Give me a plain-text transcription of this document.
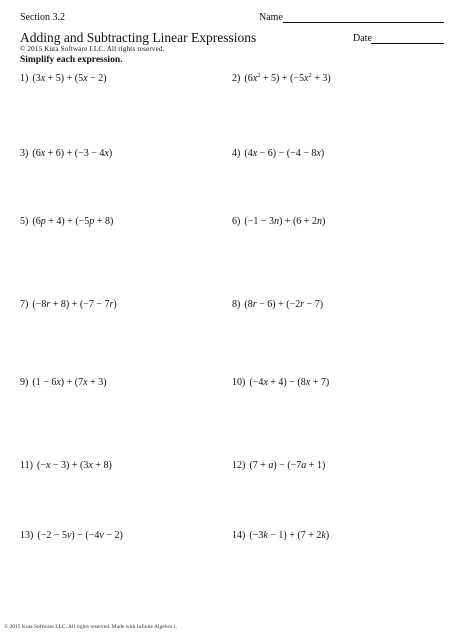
Section 3.2	Name
Adding and Subtracting Linear Expressions	Date
© 2015 Kuta Software LLC. All rights reserved.
Simplify each expression.
1) (3x + 5) + (5x − 2)
3) (6x + 6) + (−3 − 4x)
5) (6p + 4) + (−5p + 8)
7) (−8r + 8) + (−7 − 7r)
9) (1 − 6x) + (7x + 3)
11) (−x − 3) + (3x + 8)
13) (−2 − 5v) − (−4v − 2)
2) $(6x^2 + 5) + (-5x^2 + 3)$
4) (4x − 6) − (−4 − 8x)
6) (−1 − 3n) + (6 + 2n)
8) (8r − 6) + (−2r − 7)
10) (−4x + 4) − (8x + 7)
12) (7 + a) − (−7a + 1)
14) (−3k − 1) + (7 + 2k)
© 2015 Kuta Software LLC. All rights reserved. Made with Infinite Algebra 1.
